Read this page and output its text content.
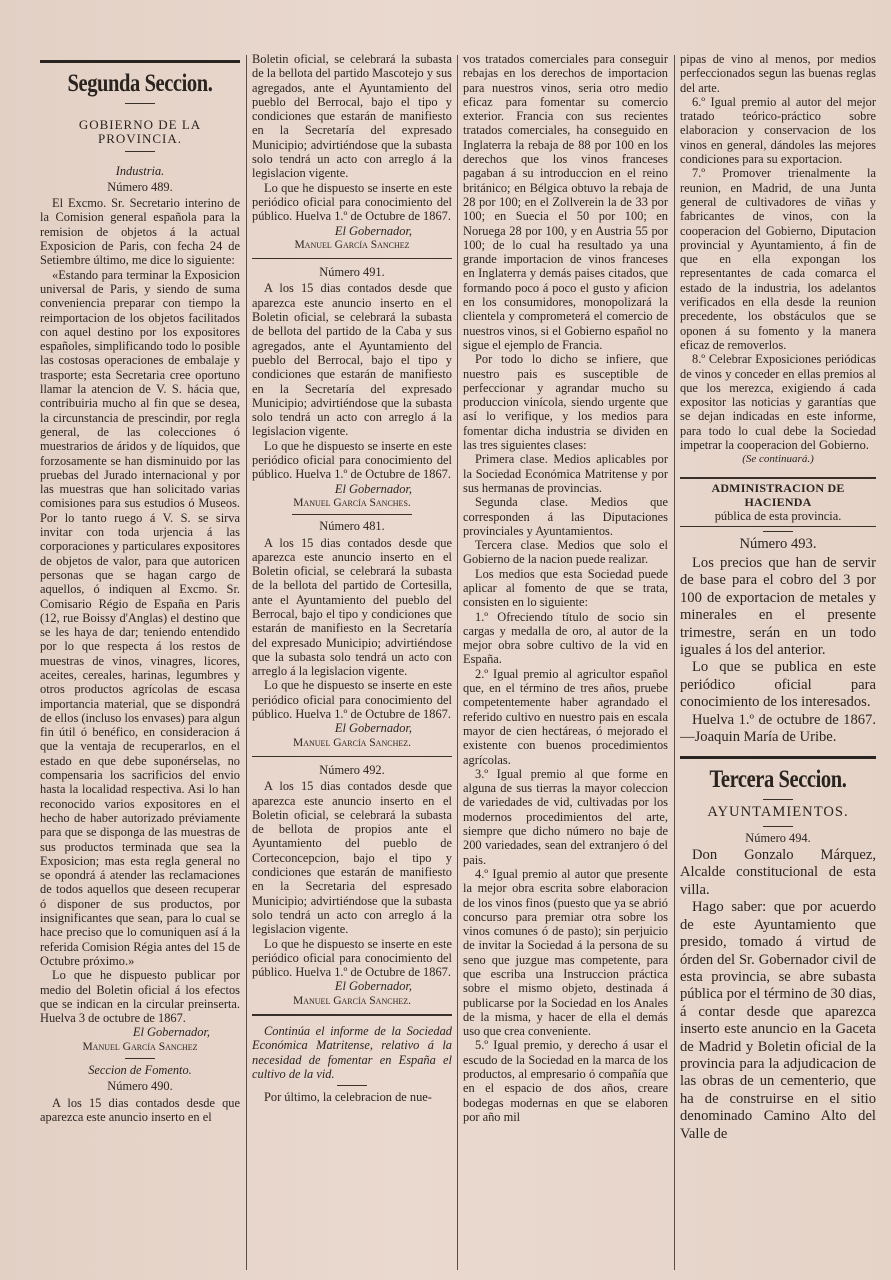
Segunda Seccion.
GOBIERNO DE LA PROVINCIA.
Industria.
Número 489.

El Excmo. Sr. Secretario interino de la Comision general española para la remision de objetos á la actual Exposicion de Paris, con fecha 24 de Setiembre último, me dice lo siguiente:

«Estando para terminar la Exposicion universal de Paris, y siendo de suma conveniencia preparar con tiempo la reimportacion de los objetos facilitados con aquel destino por los expositores españoles, simplificando todo lo posible las costosas operaciones de embalaje y trasporte; esta Secretaria cree oportuno llamar la atencion de V. S. hácia que, contribuiria mucho al fin que se desea, la circunstancia de prescindir, por regla general, de las colecciones ó muestrarios de áridos y de líquidos, que forzosamente se han disminuido por las pruebas del Jurado internacional y por las muestras que han solicitado varias comisiones para sus estudios ó Museos. Por lo tanto ruego á V. S. se sirva invitar con toda urjencia á las corporaciones y particulares expositores de objetos de valor, para que autoricen personas que se hagan cargo de aquellos, ó indiquen al Excmo. Sr. Comisario Régio de España en Paris (12, rue Boissy d'Anglas) el destino que se les haya de dar; teniendo entendido por lo que respecta á los restos de muestras de vinos, vinagres, licores, aceites, cereales, harinas, legumbres y otros productos agrícolas de escasa importancia material, que se dispondrá de ellos (incluso los envases) para algun fin útil ó benéfico, en consideracion á que la ventaja de recuperarlos, en el estado en que debe suponérselas, no compensaria los sacrificios del envio hasta la localidad respectiva. Asi lo han reconocido varios expositores en el hecho de haber autorizado préviamente para que se disponga de las muestras de sus productos terminada que sea la Exposicion; mas esta regla general no se opondrá á atender las reclamaciones de todos aquellos que deseen recuperar ó disponer de sus productos, por insignificantes que sean, para lo cual se hace preciso que lo comuniquen así á la referida Comision Régia antes del 15 de Octubre próximo.»

Lo que he dispuesto publicar por medio del Boletin oficial á los efectos que se indican en la circular preinserta. Huelva 3 de octubre de 1867.

El Gobernador,
Manuel García Sanchez
Seccion de Fomento.
Número 490.

A los 15 dias contados desde que aparezca este anuncio inserto en el

Boletin oficial, se celebrará la subasta de la bellota del partido Mascotejo y sus agregados, ante el Ayuntamiento del pueblo del Berrocal, bajo el tipo y condiciones que estarán de manifiesto en la Secretaría del expresado Municipio; advirtiéndose que la subasta solo tendrá un acto con arreglo á la legislacion vigente.

Lo que he dispuesto se inserte en este periódico oficial para conocimiento del público. Huelva 1.º de Octubre de 1867.

El Gobernador,
Manuel García Sanchez
Número 491.

A los 15 dias contados desde que aparezca este anuncio inserto en el Boletin oficial, se celebrará la subasta de bellota del partido de la Caba y sus agregados, ante el Ayuntamiento del pueblo del Berrocal, bajo el tipo y condiciones que estarán de manifiesto en la Secretaría del expresado Municipio; advirtiéndose que la subasta solo tendrá un acto con arreglo á la legislacion vigente.

Lo que he dispuesto se inserte en este periódico oficial para conocimiento del público. Huelva 1.º de Octubre de 1867.

El Gobernador,
Manuel García Sanches.
Número 481.

A los 15 dias contados desde que aparezca este anuncio inserto en el Boletin oficial, se celebrará la subasta de la bellota del partido de Cortesilla, ante el Ayuntamiento del pueblo del Berrocal, bajo el tipo y condiciones que estarán de manifiesto en la Secretaría del expresado Municipio; advirtiéndose que la subasta solo tendrá un acto con arreglo á la legislacion vigente.

Lo que he dispuesto se inserte en este periódico oficial para conocimiento del público. Huelva 1.º de Octubre de 1867.

El Gobernador,
Manuel García Sanchez.
Número 492.

A los 15 dias contados desde que aparezca este anuncio inserto en el Boletin oficial, se celebrará la subasta de bellota de propios ante el Ayuntamiento del pueblo de Corteconcepcion, bajo el tipo y condiciones que estarán de manifiesto en la Secretaria del espresado Municipio; advirtiéndose que la subasta solo tendrá un acto con arreglo á la legislacion vigente.

Lo que he dispuesto se inserte en este periódico oficial para conocimiento del público. Huelva 1.º de Octubre de 1867.

El Gobernador,
Manuel García Sanchez.

Continúa el informe de la Sociedad Económica Matritense, relativo á la necesidad de fomentar en España el cultivo de la vid.

Por último, la celebracion de nue-

vos tratados comerciales para conseguir rebajas en los derechos de importacion para nuestros vinos, seria otro medio eficaz para fomentar su comercio exterior. Francia con sus recientes tratados comerciales, ha conseguido en Inglaterra la rebaja de 88 por 100 en los derechos que los vinos franceses pagaban á su introduccion en el reino británico; en Bélgica obtuvo la rebaja de 28 por 100; en el Zollverein la de 33 por 100; en Suecia el 50 por 100; en Noruega 28 por 100, y en Austria 55 por 100; de lo cual ha resultado ya una grande importacion de vinos franceses en Inglaterra y demás paises citados, que formando poco á poco el gusto y aficion en los consumidores, monopolizará la clientela y comprometerá el comercio de nuestros vinos, si el Gobierno español no sigue el ejemplo de Francia.

Por todo lo dicho se infiere, que nuestro pais es susceptible de perfeccionar y agrandar mucho su produccion vinícola, siendo urgente que así lo verifique, y los medios para fomentar dicha industria se dividen en las tres siguientes clases:

Primera clase. Medios aplicables por la Sociedad Económica Matritense y por sus hermanas de provincias.

Segunda clase. Medios que corresponden á las Diputaciones provinciales y Ayuntamientos.

Tercera clase. Medios que solo el Gobierno de la nacion puede realizar.

Los medios que esta Sociedad puede aplicar al fomento de que se trata, consisten en lo siguiente:

1.º Ofreciendo título de socio sin cargas y medalla de oro, al autor de la mejor obra sobre cultivo de la vid en España.

2.º Igual premio al agricultor español que, en el término de tres años, pruebe competentemente haber agrandado el referido cultivo en nuestro pais en escala mayor de cien hectáreas, ó mejorado el existente con buenos procedimientos agrícolas.

3.º Igual premio al que forme en alguna de sus tierras la mayor coleccion de variedades de vid, cultivadas por los modernos procedimientos del arte, siempre que dicho número no baje de 200 variedades, sean del extranjero ó del pais.

4.º Igual premio al autor que presente la mejor obra escrita sobre elaboracion de los vinos finos (puesto que ya se abrió concurso para premiar otra sobre los vinos comunes ó de pasto); sin perjuicio de invitar la Sociedad á la persona de su seno que juzgue mas competente, para que escriba una Instruccion práctica sobre el mismo objeto, destinada á publicarse por la Sociedad en los Anales de la misma, y hacer de ella el demás uso que crea conveniente.

5.º Igual premio, y derecho á usar el escudo de la Sociedad en la marca de los productos, al empresario ó compañía que en el espacio de dos años, creare bodegas modernas en que se elaboren por año mil

pipas de vino al menos, por medios perfeccionados segun las buenas reglas del arte.

6.º Igual premio al autor del mejor tratado teórico-práctico sobre elaboracion y conservacion de los vinos en general, dándoles las mejores condiciones para su exportacion.

7.º Promover trienalmente la reunion, en Madrid, de una Junta general de cultivadores de viñas y fabricantes de vinos, con la cooperacion del Gobierno, Diputacion provincial y Ayuntamiento, á fin de que en ella expongan los representantes de cada comarca el estado de la industria, los adelantos verificados en ella desde la reunion precedente, los obstáculos que se oponen á su fomento y la manera eficaz de removerlos.

8.º Celebrar Exposiciones periódicas de vinos y conceder en ellas premios al que los merezca, exigiendo á cada expositor las noticias y garantías que se dejan indicadas en este informe, para todo lo cual debe la Sociedad impetrar la cooperacion del Gobierno.

(Se continuará.)
ADMINISTRACION DE HACIENDA
pública de esta provincia.
Número 493.

Los precios que han de servir de base para el cobro del 3 por 100 de exportacion de metales y minerales en el presente trimestre, serán en un todo iguales á los del anterior.

Lo que se publica en este periódico oficial para conocimiento de los interesados.

Huelva 1.º de octubre de 1867.—Joaquin María de Uribe.

Tercera Seccion.
AYUNTAMIENTOS.
Número 494.

Don Gonzalo Márquez, Alcalde constitucional de esta villa.

Hago saber: que por acuerdo de este Ayuntamiento que presido, tomado á virtud de órden del Sr. Gobernador civil de esta provincia, se abre subasta pública por el término de 30 dias, á contar desde que aparezca inserto este anuncio en la Gaceta de Madrid y Boletin oficial de la provincia para la adjudicacion de las obras de un cementerio, que ha de construirse en el sitio denominado Camino Alto del Valle de
